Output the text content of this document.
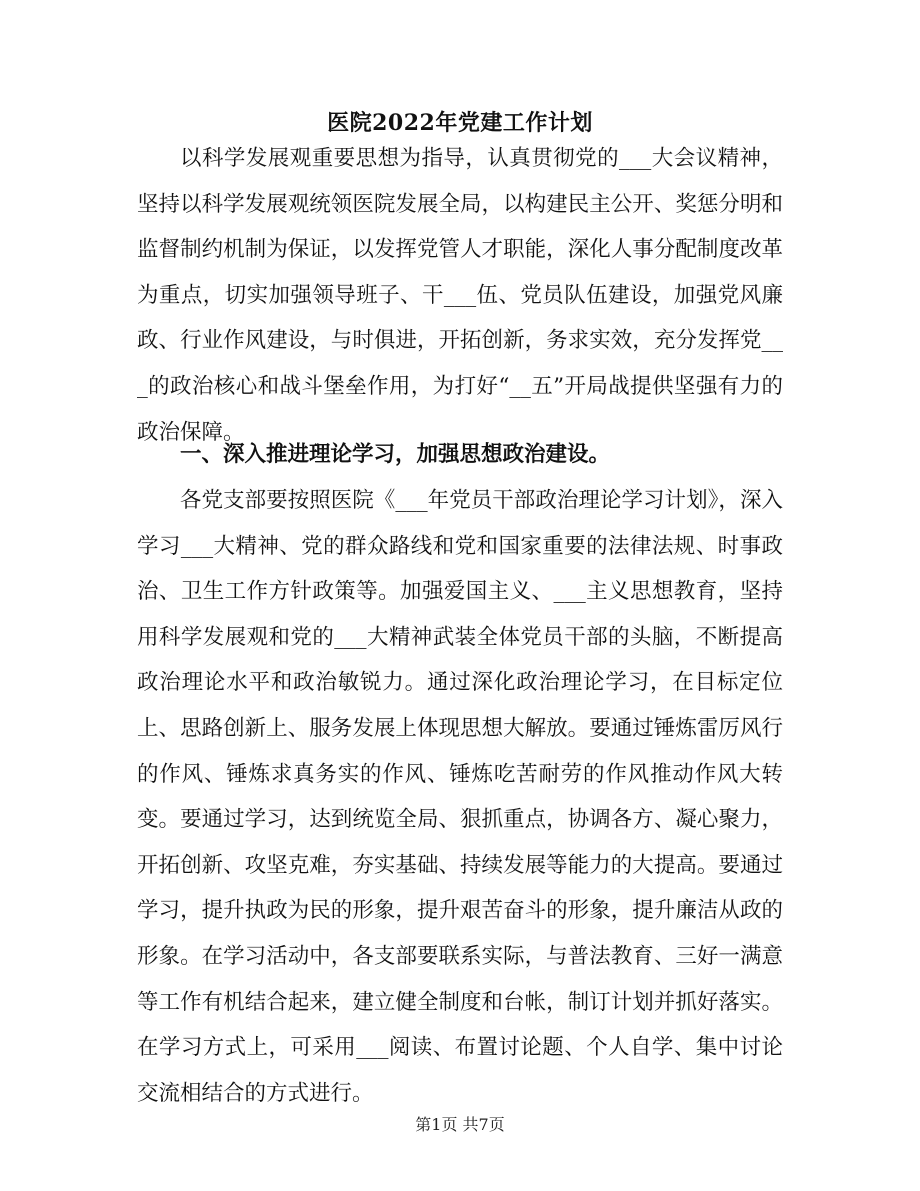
医院2022年党建工作计划

以科学发展观重要思想为指导，认真贯彻党的___大会议精神，坚持以科学发展观统领医院发展全局，以构建民主公开、奖惩分明和监督制约机制为保证，以发挥党管人才职能，深化人事分配制度改革为重点，切实加强领导班子、干___伍、党员队伍建设，加强党风廉政、行业作风建设，与时俱进，开拓创新，务求实效，充分发挥党___的政治核心和战斗堡垒作用，为打好“__五”开局战提供坚强有力的政治保障。

一、深入推进理论学习，加强思想政治建设。

各党支部要按照医院《___年党员干部政治理论学习计划》，深入学习___大精神、党的群众路线和党和国家重要的法律法规、时事政治、卫生工作方针政策等。加强爱国主义、___主义思想教育，坚持用科学发展观和党的___大精神武装全体党员干部的头脑，不断提高政治理论水平和政治敏锐力。通过深化政治理论学习，在目标定位上、思路创新上、服务发展上体现思想大解放。要通过锤炼雷厉风行的作风、锤炼求真务实的作风、锤炼吃苦耐劳的作风推动作风大转变。要通过学习，达到统览全局、狠抓重点，协调各方、凝心聚力，开拓创新、攻坚克难，夯实基础、持续发展等能力的大提高。要通过学习，提升执政为民的形象，提升艰苦奋斗的形象，提升廉洁从政的形象。在学习活动中，各支部要联系实际，与普法教育、三好一满意等工作有机结合起来，建立健全制度和台帐，制订计划并抓好落实。在学习方式上，可采用___阅读、布置讨论题、个人自学、集中讨论交流相结合的方式进行。

第1页 共7页
